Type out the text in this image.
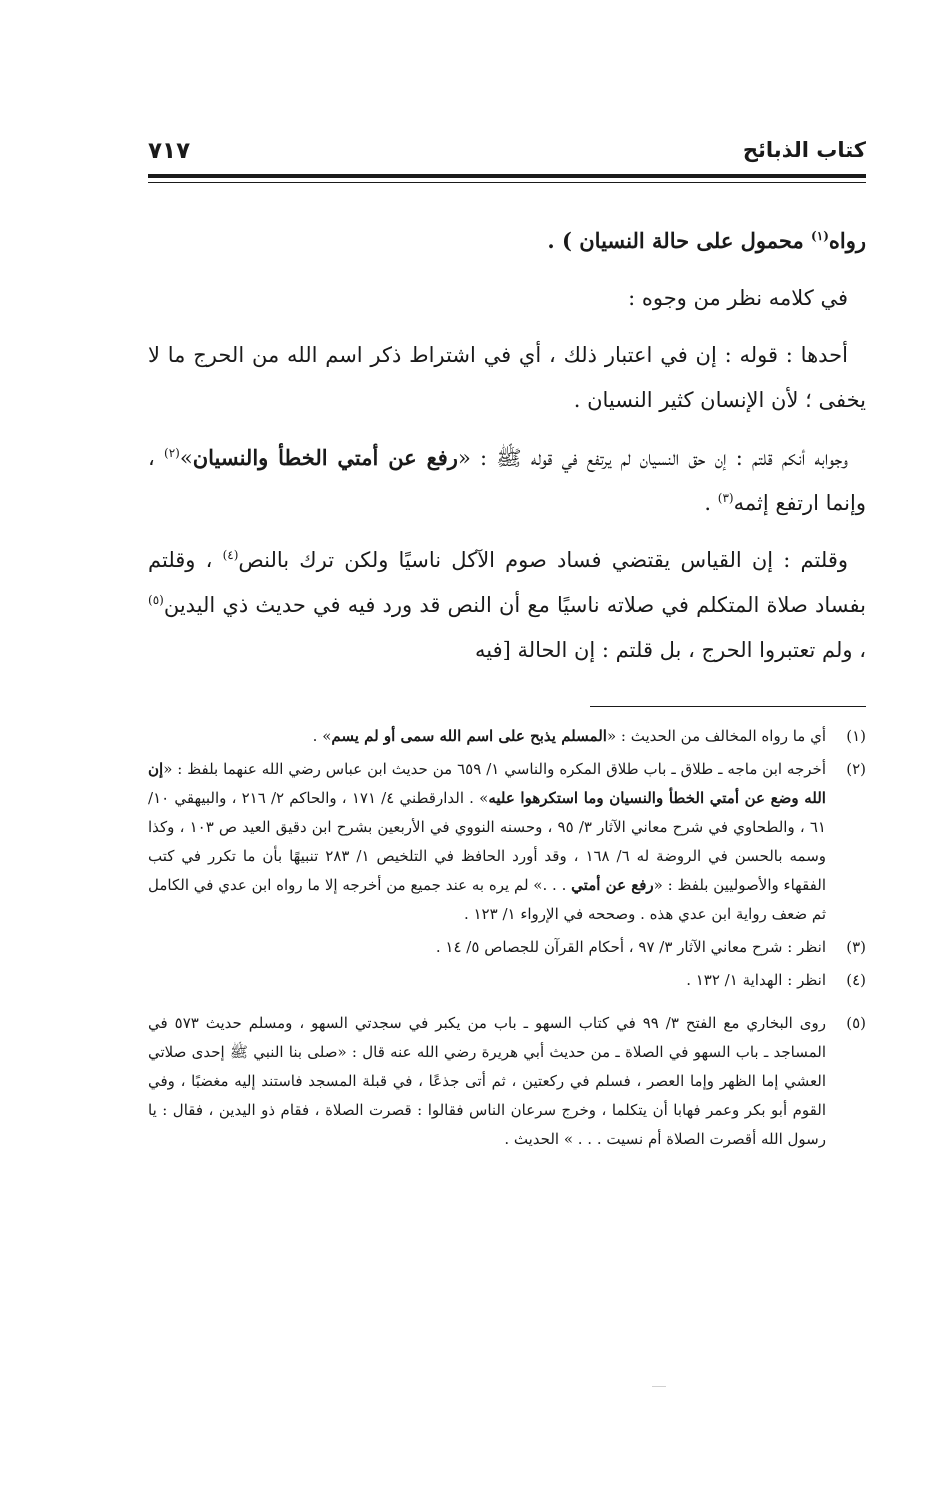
كتاب الذبائح
٧١٧

رواه$^{(١)}$ محمول على حالة النسيان ) .

في كلامه نظر من وجوه :

أحدها : قوله : إن في اعتبار ذلك ، أي في اشتراط ذكر اسم الله من الحرج ما لا يخفى ؛ لأن الإنسان كثير النسيان .

وجوابه أنكم قلتم : إن حق النسيان لم يرتفع في قوله ﷺ : «رفع عن أمتي الخطأ والنسيان»$^{(٢)}$ ، وإنما ارتفع إثمه$^{(٣)}$ .

وقلتم : إن القياس يقتضي فساد صوم الآكل ناسيًا ولكن ترك بالنص$^{(٤)}$ ، وقلتم بفساد صلاة المتكلم في صلاته ناسيًا مع أن النص قد ورد فيه في حديث ذي اليدين$^{(٥)}$ ، ولم تعتبروا الحرج ، بل قلتم : إن الحالة [فيه

(١)
أي ما رواه المخالف من الحديث : «المسلم يذبح على اسم الله سمى أو لم يسم» .
(٢)
أخرجه ابن ماجه ـ طلاق ـ باب طلاق المكره والناسي ١/ ٦٥٩ من حديث ابن عباس رضي الله عنهما بلفظ : «إن الله وضع عن أمتي الخطأ والنسيان وما استكرهوا عليه» . الدارقطني ٤/ ١٧١ ، والحاكم ٢/ ٢١٦ ، والبيهقي ١٠/ ٦١ ، والطحاوي في شرح معاني الآثار ٣/ ٩٥ ، وحسنه النووي في الأربعين بشرح ابن دقيق العيد ص ١٠٣ ، وكذا وسمه بالحسن في الروضة له ٦/ ١٦٨ ، وقد أورد الحافظ في التلخيص ١/ ٢٨٣ تنبيهًا بأن ما تكرر في كتب الفقهاء والأصوليين بلفظ : «رفع عن أمتي . . .» لم يره به عند جميع من أخرجه إلا ما رواه ابن عدي في الكامل ثم ضعف رواية ابن عدي هذه . وصححه في الإرواء ١/ ١٢٣ .
(٣)
انظر : شرح معاني الآثار ٣/ ٩٧ ، أحكام القرآن للجصاص ٥/ ١٤ .
(٤)
انظر : الهداية ١/ ١٣٢ .
(٥)
روى البخاري مع الفتح ٣/ ٩٩ في كتاب السهو ـ باب من يكبر في سجدتي السهو ، ومسلم حديث ٥٧٣ في المساجد ـ باب السهو في الصلاة ـ من حديث أبي هريرة رضي الله عنه قال : «صلى بنا النبي ﷺ إحدى صلاتي العشي إما الظهر وإما العصر ، فسلم في ركعتين ، ثم أتى جذعًا ، في قبلة المسجد فاستند إليه مغضبًا ، وفي القوم أبو بكر وعمر فهابا أن يتكلما ، وخرج سرعان الناس فقالوا : قصرت الصلاة ، فقام ذو اليدين ، فقال : يا رسول الله أقصرت الصلاة أم نسيت . . . » الحديث .
